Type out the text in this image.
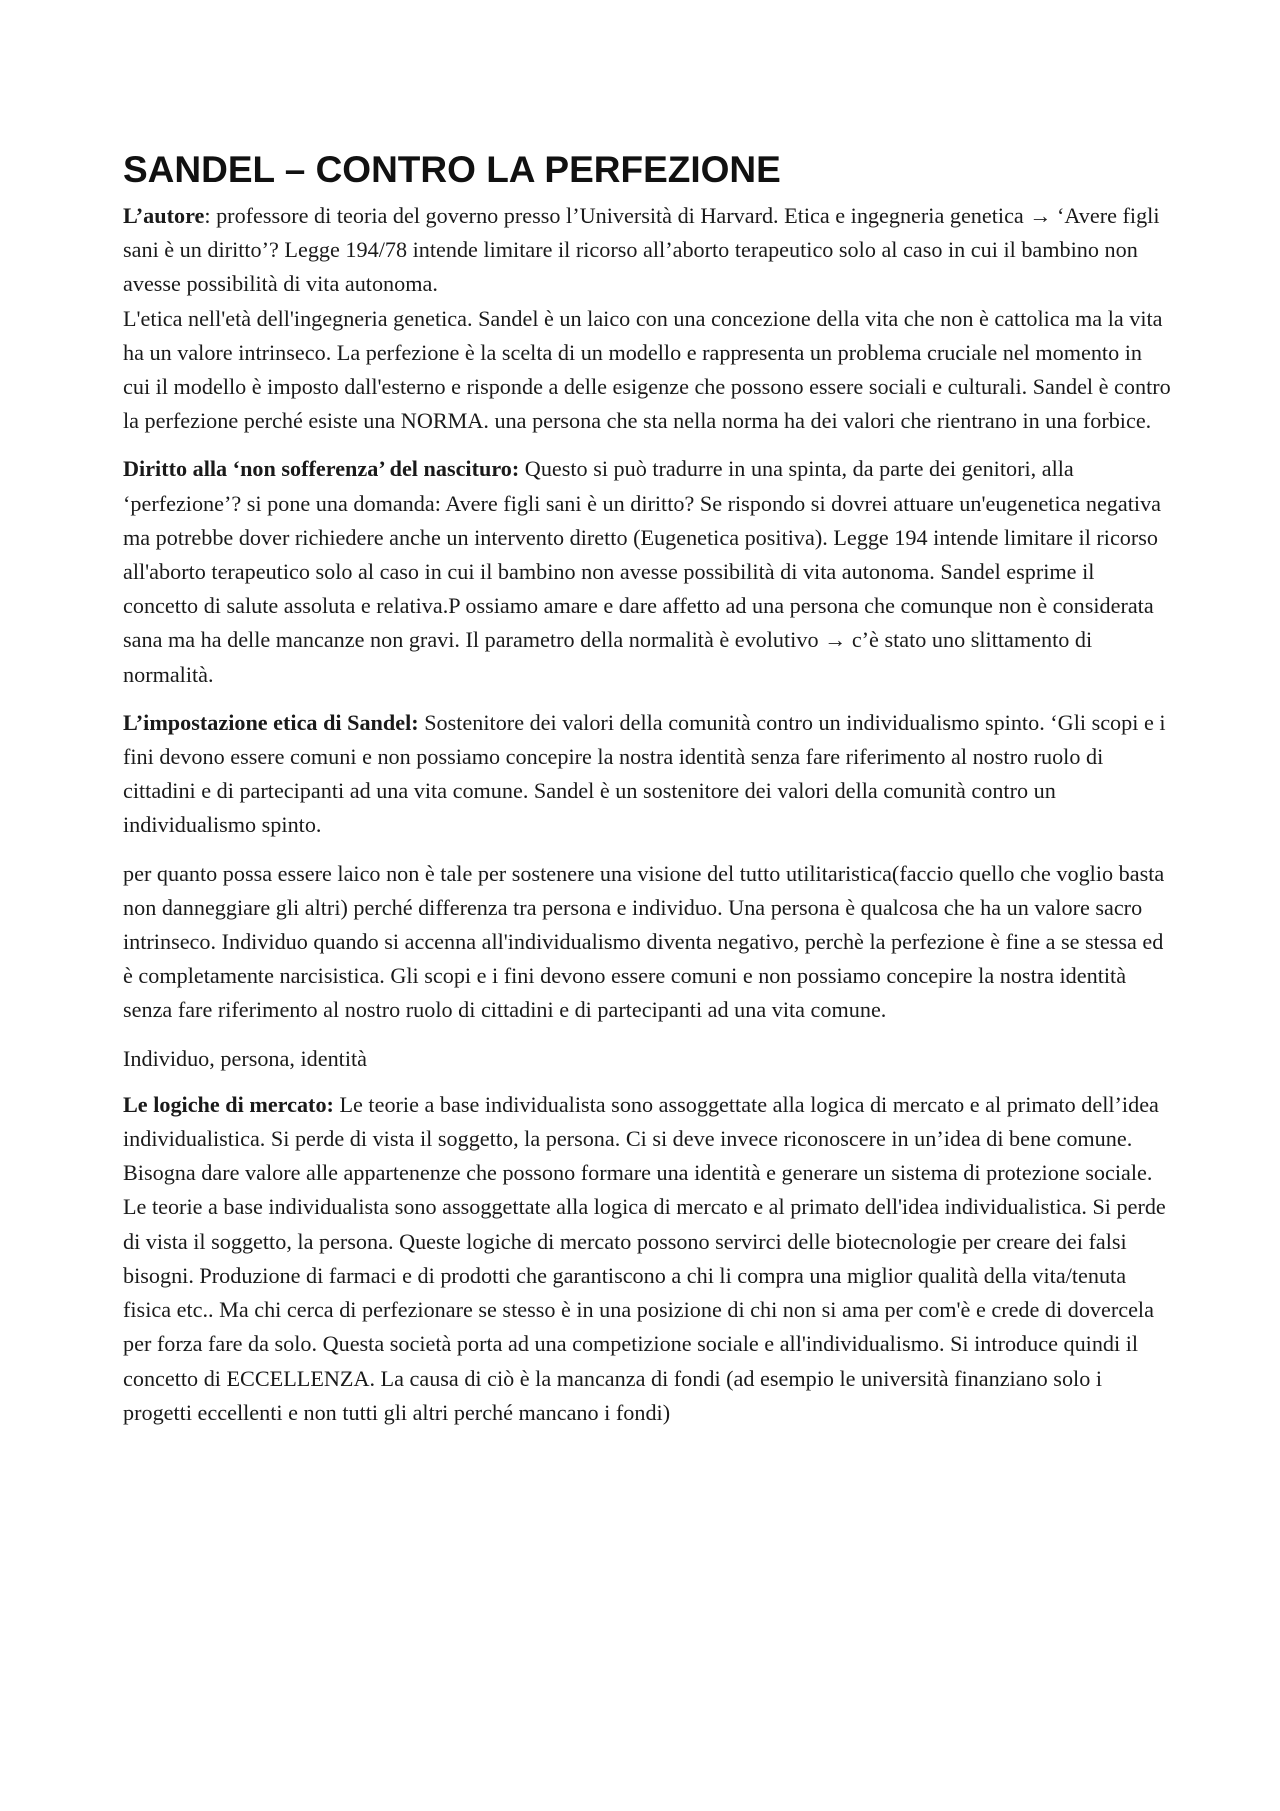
SANDEL – CONTRO LA PERFEZIONE

L’autore: professore di teoria del governo presso l’Università di Harvard. Etica e ingegneria genetica → ‘Avere figli sani è un diritto’? Legge 194/78 intende limitare il ricorso all’aborto terapeutico solo al caso in cui il bambino non avesse possibilità di vita autonoma.

L'etica nell'età dell'ingegneria genetica. Sandel è un laico con una concezione della vita che non è cattolica ma la vita ha un valore intrinseco. La perfezione è la scelta di un modello e rappresenta un problema cruciale nel momento in cui il modello è imposto dall'esterno e risponde a delle esigenze che possono essere sociali e culturali. Sandel è contro la perfezione perché esiste una NORMA. una persona che sta nella norma ha dei valori che rientrano in una forbice.

Diritto alla ‘non sofferenza’ del nascituro: Questo si può tradurre in una spinta, da parte dei genitori, alla ‘perfezione’? si pone una domanda: Avere figli sani è un diritto? Se rispondo si dovrei attuare un'eugenetica negativa ma potrebbe dover richiedere anche un intervento diretto (Eugenetica positiva). Legge 194 intende limitare il ricorso all'aborto terapeutico solo al caso in cui il bambino non avesse possibilità di vita autonoma. Sandel esprime il concetto di salute assoluta e relativa.P ossiamo amare e dare affetto ad una persona che comunque non è considerata sana ma ha delle mancanze non gravi. Il parametro della normalità è evolutivo → c’è stato uno slittamento di normalità.

L’impostazione etica di Sandel: Sostenitore dei valori della comunità contro un individualismo spinto. ‘Gli scopi e i fini devono essere comuni e non possiamo concepire la nostra identità senza fare riferimento al nostro ruolo di cittadini e di partecipanti ad una vita comune. Sandel è un sostenitore dei valori della comunità contro un individualismo spinto.

per quanto possa essere laico non è tale per sostenere una visione del tutto utilitaristica(faccio quello che voglio basta non danneggiare gli altri) perché differenza tra persona e individuo. Una persona è qualcosa che ha un valore sacro intrinseco. Individuo quando si accenna all'individualismo diventa negativo, perchè la perfezione è fine a se stessa ed è completamente narcisistica. Gli scopi e i fini devono essere comuni e non possiamo concepire la nostra identità senza fare riferimento al nostro ruolo di cittadini e di partecipanti ad una vita comune.

Individuo, persona, identità

Le logiche di mercato: Le teorie a base individualista sono assoggettate alla logica di mercato e al primato dell’idea individualistica. Si perde di vista il soggetto, la persona. Ci si deve invece riconoscere in un’idea di bene comune. Bisogna dare valore alle appartenenze che possono formare una identità e generare un sistema di protezione sociale.

Le teorie a base individualista sono assoggettate alla logica di mercato e al primato dell'idea individualistica. Si perde di vista il soggetto, la persona. Queste logiche di mercato possono servirci delle biotecnologie per creare dei falsi bisogni. Produzione di farmaci e di prodotti che garantiscono a chi li compra una miglior qualità della vita/tenuta fisica etc.. Ma chi cerca di perfezionare se stesso è in una posizione di chi non si ama per com'è e crede di dovercela per forza fare da solo. Questa società porta ad una competizione sociale e all'individualismo. Si introduce quindi il concetto di ECCELLENZA. La causa di ciò è la mancanza di fondi (ad esempio le università finanziano solo i progetti eccellenti e non tutti gli altri perché mancano i fondi)
